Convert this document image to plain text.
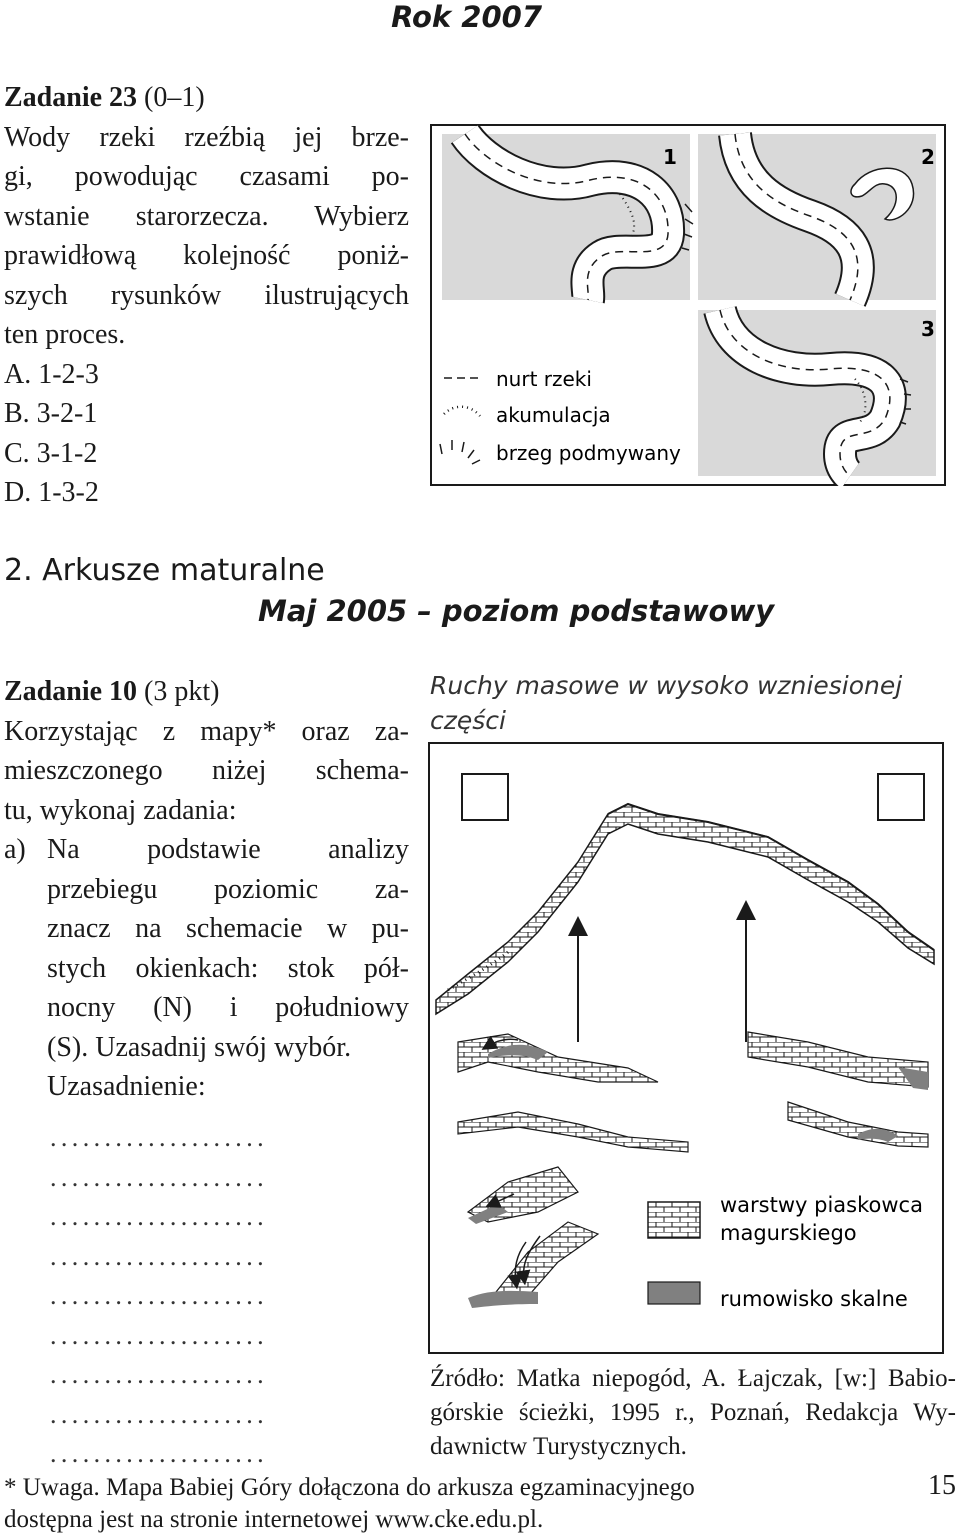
Rok 2007
Zadanie 23 (0–1)
Wody rzeki rzeźbią jej brze-
gi, powodując czasami po-
wstanie starorzecza. Wybierz
prawidłową kolejność poniż-
szych rysunków ilustrujących
ten proces.
A. 1-2-3
B. 3-2-1
C. 3-1-2
D. 1-3-2
1	2
3
nurt rzeki
akumulacja
brzeg podmywany
2. Arkusze maturalne
Maj 2005 – poziom podstawowy
Zadanie 10 (3 pkt)
Korzystając z mapy* oraz za-
mieszczonego niżej schema-
tu, wykonaj zadania:
a) Na podstawie analizy
przebiegu poziomic za-
znacz na schemacie w pu-
stych okienkach: stok pół-
nocny (N) i południowy
(S). Uzasadnij swój wybór.
Uzasadnienie:
....................
....................
....................
....................
....................
....................
....................
....................
....................
Ruchy masowe w wysoko wzniesionej części
warstwy piaskowca
magurskiego
rumowisko skalne
Źródło: Matka niepogód, A. Łajczak, [w:] Babio-
górskie ścieżki, 1995 r., Poznań, Redakcja Wy-
dawnictw Turystycznych.
* Uwaga. Mapa Babiej Góry dołączona do arkusza egzaminacyjnego
dostępna jest na stronie internetowej www.cke.edu.pl.
15
